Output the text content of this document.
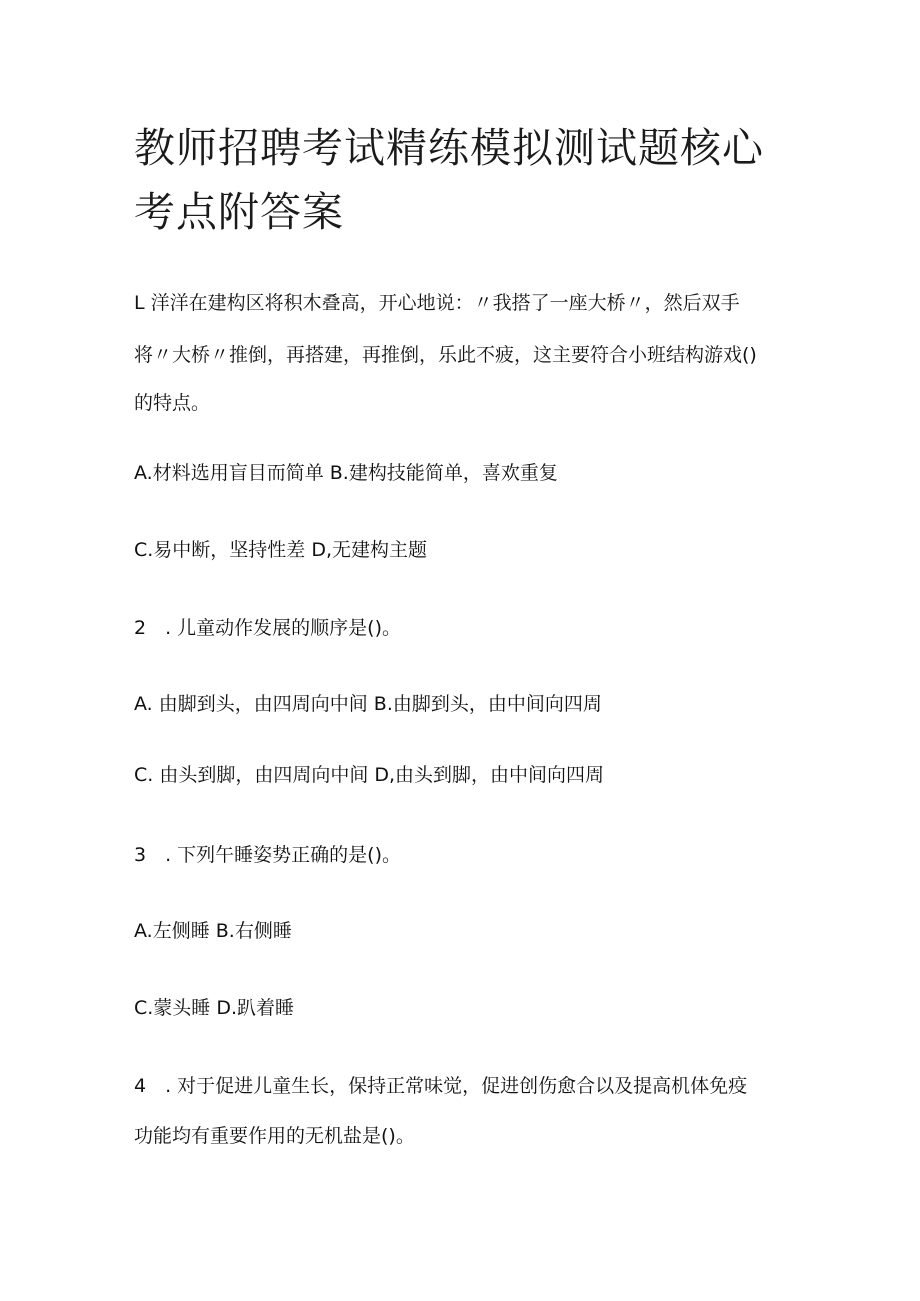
教师招聘考试精练模拟测试题核心
考点附答案

L 洋洋在建构区将积木叠高，开心地说：〃我搭了一座大桥〃，然后双手

将〃大桥〃推倒，再搭建，再推倒，乐此不疲，这主要符合小班结构游戏()

的特点。

A.材料选用盲目而简单 B.建构技能简单，喜欢重复

C.易中断，坚持性差 D,无建构主题

2　. 儿童动作发展的顺序是()。

A. 由脚到头，由四周向中间 B.由脚到头，由中间向四周

C. 由头到脚，由四周向中间 D,由头到脚，由中间向四周

3　. 下列午睡姿势正确的是()。

A.左侧睡 B.右侧睡

C.蒙头睡 D.趴着睡

4　. 对于促进儿童生长，保持正常味觉，促进创伤愈合以及提高机体免疫

功能均有重要作用的无机盐是()。
